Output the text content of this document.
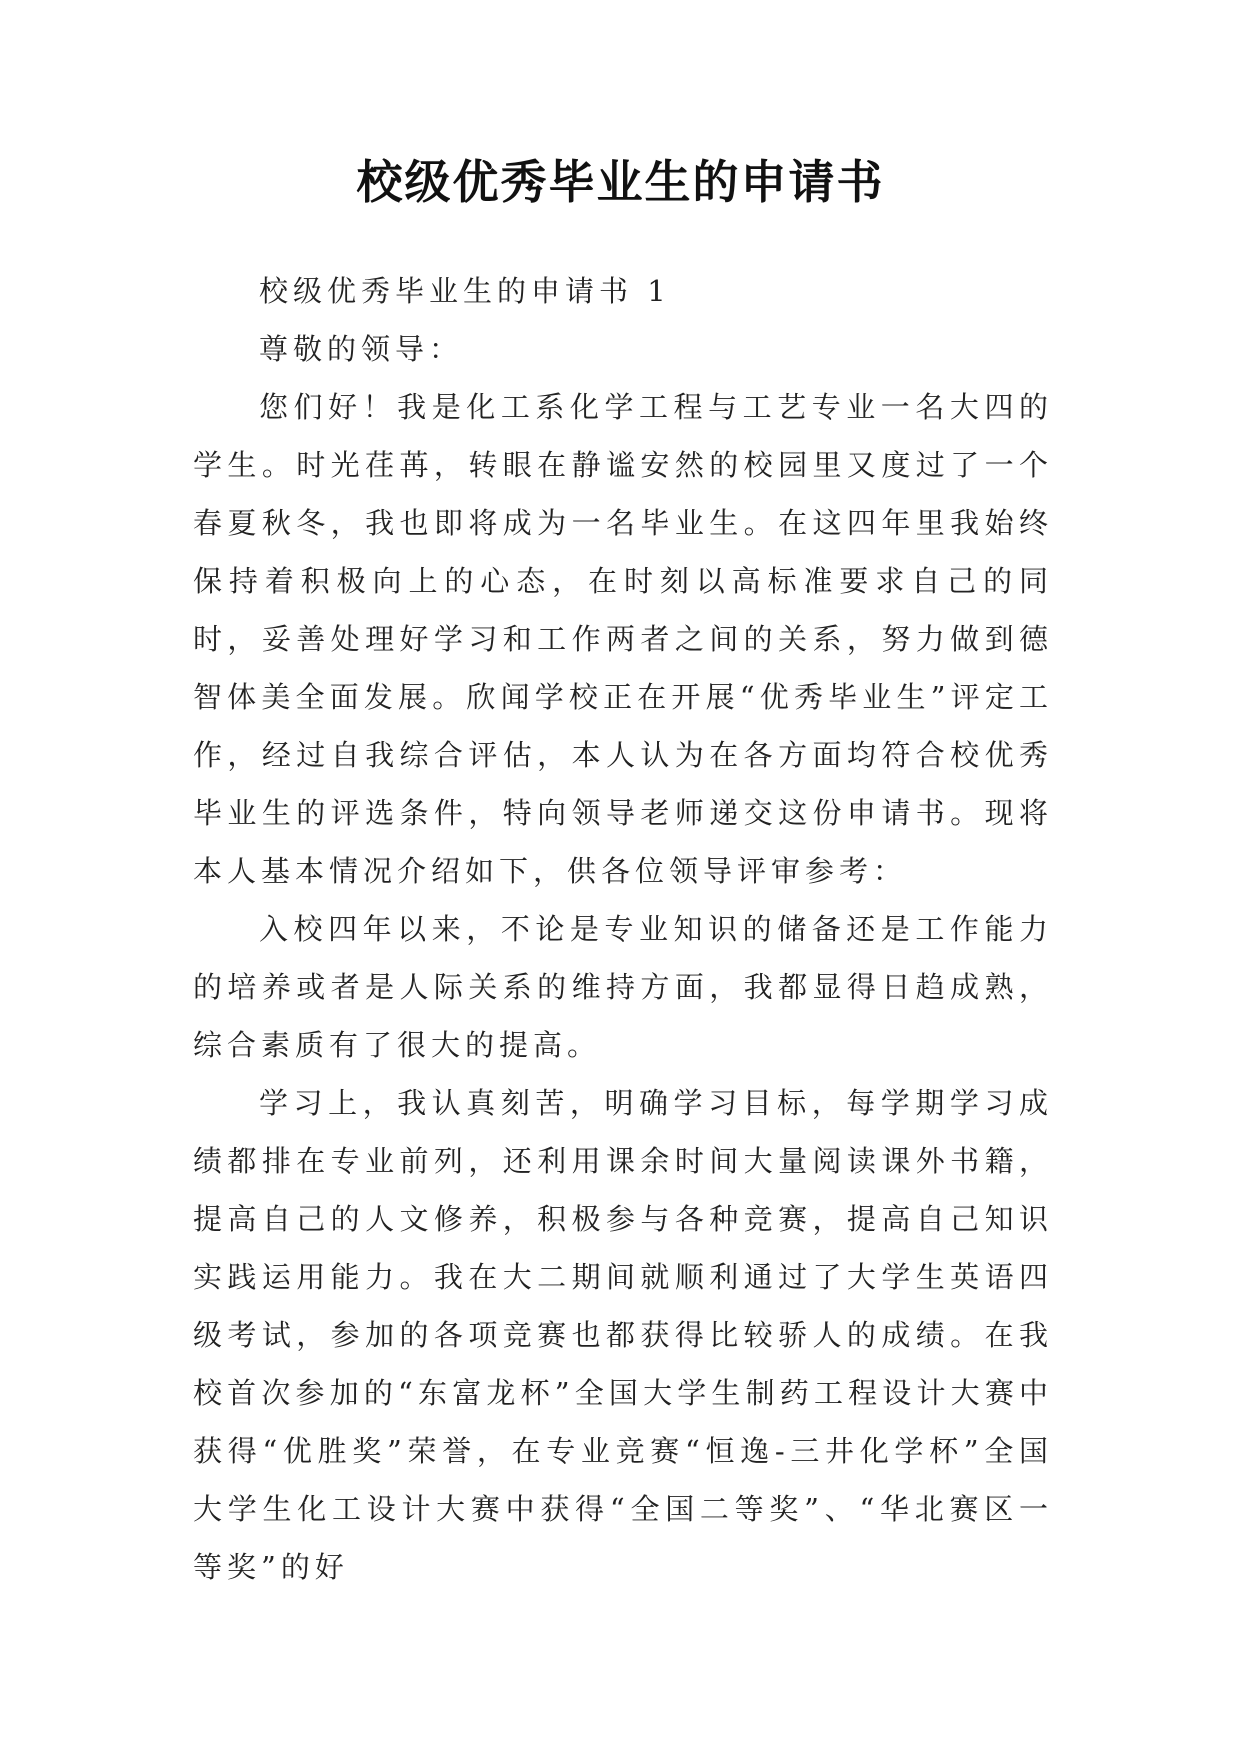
校级优秀毕业生的申请书

校级优秀毕业生的申请书 1

尊敬的领导：

您们好！我是化工系化学工程与工艺专业一名大四的学生。时光荏苒，转眼在静谧安然的校园里又度过了一个春夏秋冬，我也即将成为一名毕业生。在这四年里我始终保持着积极向上的心态，在时刻以高标准要求自己的同时，妥善处理好学习和工作两者之间的关系，努力做到德智体美全面发展。欣闻学校正在开展“优秀毕业生”评定工作，经过自我综合评估，本人认为在各方面均符合校优秀毕业生的评选条件，特向领导老师递交这份申请书。现将本人基本情况介绍如下，供各位领导评审参考：

入校四年以来，不论是专业知识的储备还是工作能力的培养或者是人际关系的维持方面，我都显得日趋成熟，综合素质有了很大的提高。

学习上，我认真刻苦，明确学习目标，每学期学习成绩都排在专业前列，还利用课余时间大量阅读课外书籍，提高自己的人文修养，积极参与各种竞赛，提高自己知识实践运用能力。我在大二期间就顺利通过了大学生英语四级考试，参加的各项竞赛也都获得比较骄人的成绩。在我校首次参加的“东富龙杯”全国大学生制药工程设计大赛中获得“优胜奖”荣誉，在专业竞赛“恒逸-三井化学杯”全国大学生化工设计大赛中获得“全国二等奖”、“华北赛区一等奖”的好
